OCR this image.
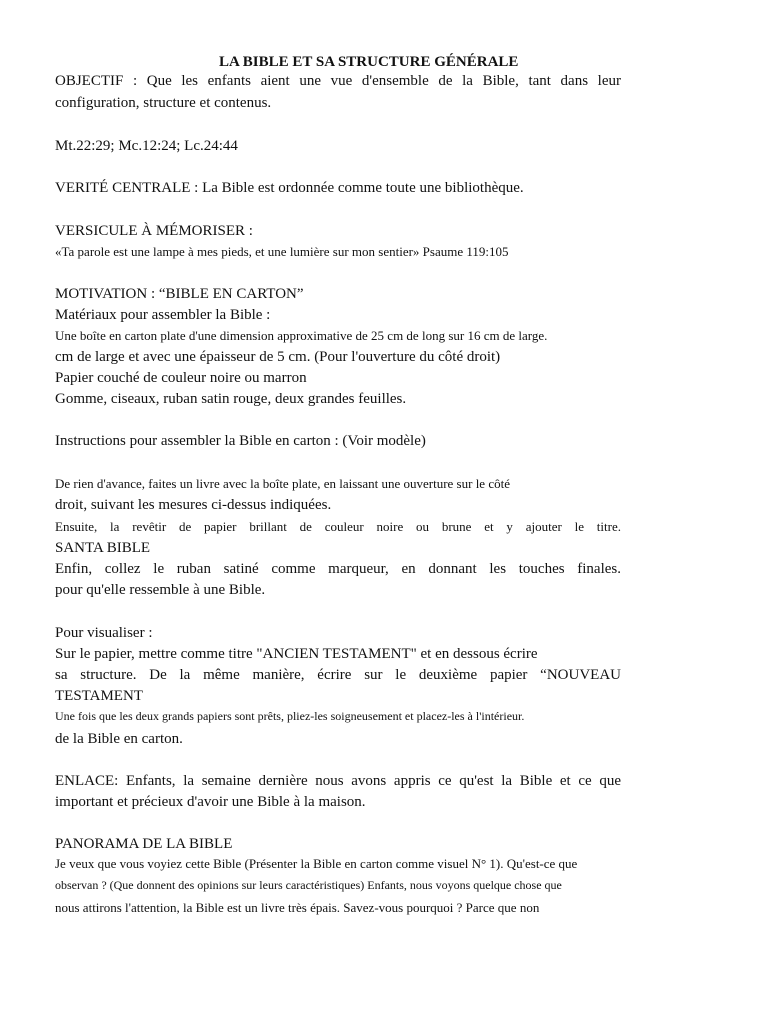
LA BIBLE ET SA STRUCTURE GÉNÉRALE
OBJECTIF : Que les enfants aient une vue d'ensemble de la Bible, tant dans leur
configuration, structure et contenus.
Mt.22:29; Mc.12:24; Lc.24:44
VERITÉ CENTRALE : La Bible est ordonnée comme toute une bibliothèque.
VERSICULE À MÉMORISER :
«Ta parole est une lampe à mes pieds, et une lumière sur mon sentier» Psaume 119:105
MOTIVATION : “BIBLE EN CARTON”
Matériaux pour assembler la Bible :
Une boîte en carton plate d'une dimension approximative de 25 cm de long sur 16 cm de large.
cm de large et avec une épaisseur de 5 cm. (Pour l'ouverture du côté droit)
Papier couché de couleur noire ou marron
Gomme, ciseaux, ruban satin rouge, deux grandes feuilles.
Instructions pour assembler la Bible en carton : (Voir modèle)
De rien d'avance, faites un livre avec la boîte plate, en laissant une ouverture sur le côté
droit, suivant les mesures ci-dessus indiquées.
Ensuite, la revêtir de papier brillant de couleur noire ou brune et y ajouter le titre.
SANTA BIBLE
Enfin, collez le ruban satiné comme marqueur, en donnant les touches finales.
pour qu'elle ressemble à une Bible.
Pour visualiser :
Sur le papier, mettre comme titre "ANCIEN TESTAMENT" et en dessous écrire
sa structure. De la même manière, écrire sur le deuxième papier “NOUVEAU
TESTAMENT
Une fois que les deux grands papiers sont prêts, pliez-les soigneusement et placez-les à l'intérieur.
de la Bible en carton.
ENLACE: Enfants, la semaine dernière nous avons appris ce qu'est la Bible et ce que
important et précieux d'avoir une Bible à la maison.
PANORAMA DE LA BIBLE
Je veux que vous voyiez cette Bible (Présenter la Bible en carton comme visuel N° 1). Qu'est-ce que
observan ? (Que donnent des opinions sur leurs caractéristiques) Enfants, nous voyons quelque chose que
nous attirons l'attention, la Bible est un livre très épais. Savez-vous pourquoi ? Parce que non
